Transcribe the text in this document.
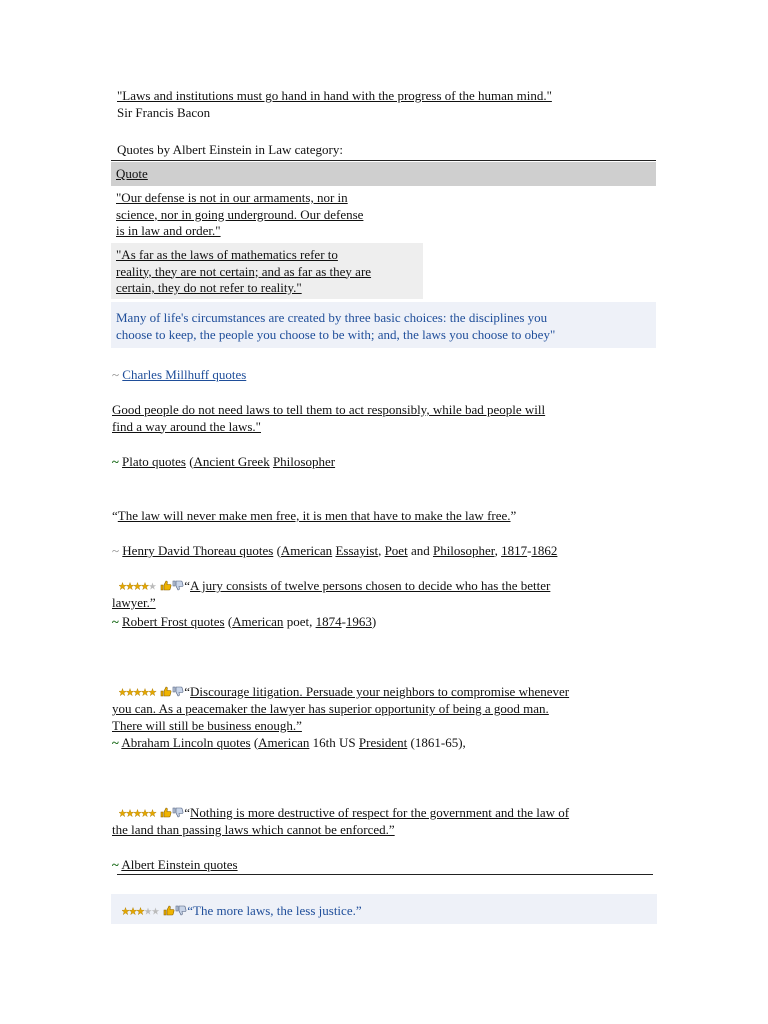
"Laws and institutions must go hand in hand with the progress of the human mind."
Sir Francis Bacon
Quotes by Albert Einstein in Law category:
Quote
"Our defense is not in our armaments, nor in
science, nor in going underground. Our defense
is in law and order."
"As far as the laws of mathematics refer to
reality, they are not certain; and as far as they are
certain, they do not refer to reality."
Many of life's circumstances are created by three basic choices: the disciplines you
choose to keep, the people you choose to be with; and, the laws you choose to obey"
~ Charles Millhuff quotes
Good people do not need laws to tell them to act responsibly, while bad people will
find a way around the laws."
~ Plato quotes (Ancient Greek Philosopher
“The law will never make men free, it is men that have to make the law free.”
~ Henry David Thoreau quotes (American Essayist, Poet and Philosopher, 1817-1862
“A jury consists of twelve persons chosen to decide who has the better
lawyer.”
~ Robert Frost quotes (American poet, 1874-1963)
“Discourage litigation. Persuade your neighbors to compromise whenever
you can. As a peacemaker the lawyer has superior opportunity of being a good man.
There will still be business enough.”
~ Abraham Lincoln quotes (American 16th US President (1861-65),
“Nothing is more destructive of respect for the government and the law of
the land than passing laws which cannot be enforced.”
~ Albert Einstein quotes
“The more laws, the less justice.”
